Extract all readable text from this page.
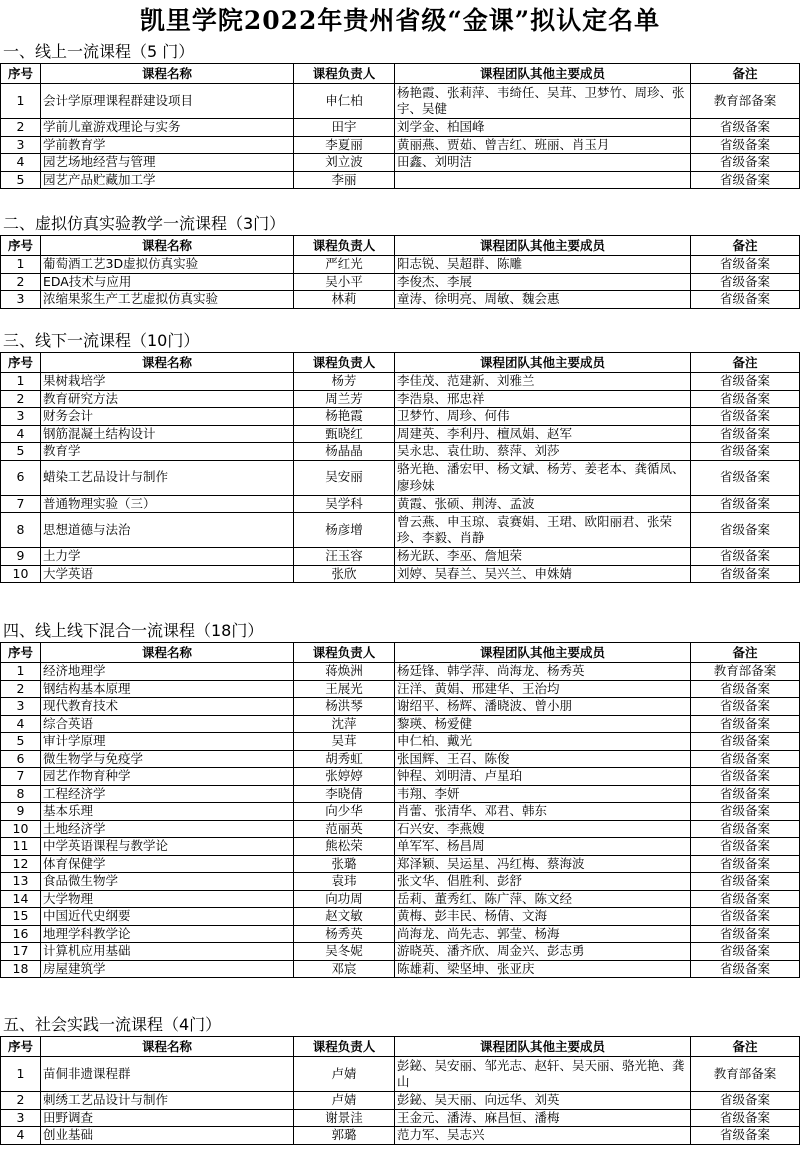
凯里学院2022年贵州省级“金课”拟认定名单
一、线上一流课程（5 门）
序号	课程名称	课程负责人	课程团队其他主要成员	备注
1	会计学原理课程群建设项目	申仁柏	杨艳霞、张莉萍、韦绮任、吴茸、卫梦竹、周珍、张宇、吴健	教育部备案
2	学前儿童游戏理论与实务	田宇	刘学金、柏国峰	省级备案
3	学前教育学	李夏丽	黄丽燕、贾茹、曾吉红、班丽、肖玉月	省级备案
4	园艺场地经营与管理	刘立波	田鑫、刘明洁	省级备案
5	园艺产品贮藏加工学	李丽		省级备案
二、虚拟仿真实验教学一流课程（3门）
序号	课程名称	课程负责人	课程团队其他主要成员	备注
1	葡萄酒工艺3D虚拟仿真实验	严红光	阳志锐、吴超群、陈雕	省级备案
2	EDA技术与应用	吴小平	李俊杰、李展	省级备案
3	浓缩果浆生产工艺虚拟仿真实验	林莉	童涛、徐明亮、周敏、魏会惠	省级备案
三、线下一流课程（10门）
序号	课程名称	课程负责人	课程团队其他主要成员	备注
1	果树栽培学	杨芳	李佳茂、范建新、刘雅兰	省级备案
2	教育研究方法	周兰芳	李浩泉、邢忠祥	省级备案
3	财务会计	杨艳霞	卫梦竹、周珍、何伟	省级备案
4	钢筋混凝土结构设计	甄晓红	周建英、李利丹、檀凤娟、赵军	省级备案
5	教育学	杨晶晶	吴永忠、袁仕助、蔡萍、刘莎	省级备案
6	蜡染工艺品设计与制作	吴安丽	骆光艳、潘宏甲、杨文斌、杨芳、姜老本、龚循凤、廖珍妹	省级备案
7	普通物理实验（三）	吴学科	黄霞、张硕、荆涛、孟波	省级备案
8	思想道德与法治	杨彦增	曾云燕、申玉琼、袁赛娟、王珺、欧阳丽君、张荣珍、李毅、肖静	省级备案
9	土力学	汪玉容	杨光跃、李巫、詹旭荣	省级备案
10	大学英语	张欣	刘婷、吴春兰、吴兴兰、申姝婧	省级备案
四、线上线下混合一流课程（18门）
序号	课程名称	课程负责人	课程团队其他主要成员	备注
1	经济地理学	蒋焕洲	杨廷锋、韩学萍、尚海龙、杨秀英	教育部备案
2	钢结构基本原理	王展光	汪洋、黄娟、邢建华、王治均	省级备案
3	现代教育技术	杨洪琴	谢绍平、杨辉、潘晓波、曾小朋	省级备案
4	综合英语	沈萍	黎瑛、杨爱健	省级备案
5	审计学原理	吴茸	申仁柏、戴光	省级备案
6	微生物学与免疫学	胡秀虹	张国辉、王召、陈俊	省级备案
7	园艺作物育种学	张婷婷	钟程、刘明清、卢星珀	省级备案
8	工程经济学	李晓倩	韦翔、李妍	省级备案
9	基本乐理	向少华	肖蕾、张清华、邓君、韩东	省级备案
10	土地经济学	范丽英	石兴安、李燕嫂	省级备案
11	中学英语课程与教学论	熊松荣	单军军、杨昌周	省级备案
12	体育保健学	张璐	郑泽颖、吴运星、冯红梅、蔡海波	省级备案
13	食品微生物学	袁玮	张文华、倡胜利、彭舒	省级备案
14	大学物理	向功周	岳莉、董秀红、陈广萍、陈文经	省级备案
15	中国近代史纲要	赵文敏	黄梅、彭丰民、杨倩、文海	省级备案
16	地理学科教学论	杨秀英	尚海龙、尚先志、郭莹、杨海	省级备案
17	计算机应用基础	吴冬妮	游晓英、潘齐欣、周金兴、彭志勇	省级备案
18	房屋建筑学	邓宸	陈雄莉、梁坚坤、张亚庆	省级备案
五、社会实践一流课程（4门）
序号	课程名称	课程负责人	课程团队其他主要成员	备注
1	苗侗非遗课程群	卢婧	彭鉍、吴安丽、邹光志、赵轩、吴天丽、骆光艳、龚山	教育部备案
2	刺绣工艺品设计与制作	卢婧	彭鉍、吴天丽、向远华、刘英	省级备案
3	田野调查	谢景洼	王金元、潘涛、麻昌恒、潘梅	省级备案
4	创业基础	郭璐	范力军、吴志兴	省级备案
